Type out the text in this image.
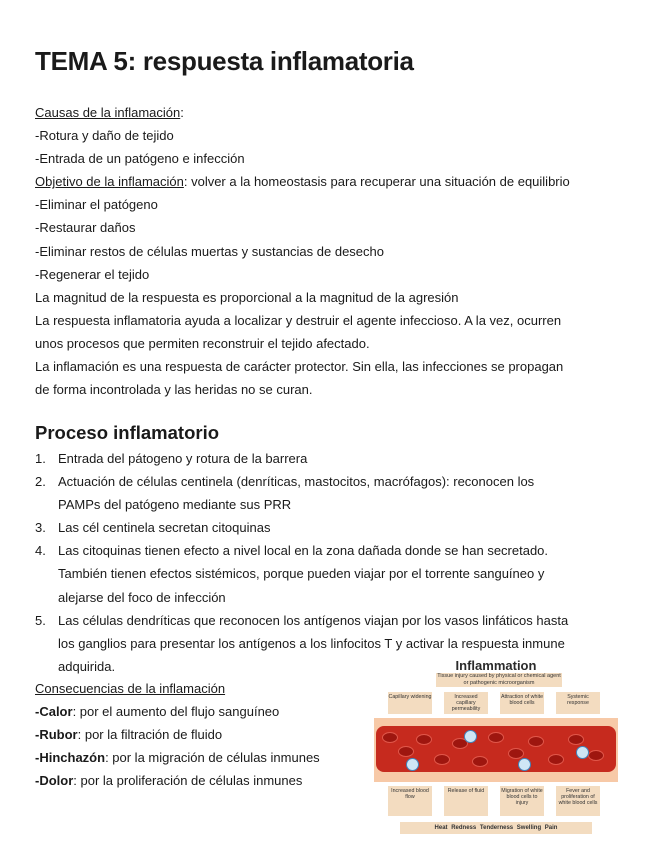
TEMA 5: respuesta inflamatoria
Causas de la inflamación:
-Rotura y daño de tejido
-Entrada de un patógeno e infección
Objetivo de la inflamación: volver a la homeostasis para recuperar una situación de equilibrio
-Eliminar el patógeno
-Restaurar daños
-Eliminar restos de células muertas y sustancias de desecho
-Regenerar el tejido
La magnitud de la respuesta es proporcional a la magnitud de la agresión
La respuesta inflamatoria ayuda a localizar y destruir el agente infeccioso. A la vez, ocurren
unos procesos que permiten reconstruir el tejido afectado.
La inflamación es una respuesta de carácter protector. Sin ella, las infecciones se propagan
de forma incontrolada y las heridas no se curan.
Proceso inflamatorio
1. Entrada del pátogeno y rotura de la barrera
2. Actuación de células centinela (denríticas, mastocitos, macrófagos): reconocen los
PAMPs del patógeno mediante sus PRR
3. Las cél centinela secretan citoquinas
4. Las citoquinas tienen efecto a nivel local en la zona dañada donde se han secretado.
También tienen efectos sistémicos, porque pueden viajar por el torrente sanguíneo y
alejarse del foco de infección
5. Las células dendríticas que reconocen los antígenos viajan por los vasos linfáticos hasta
los ganglios para presentar los antígenos a los linfocitos T y activar la respuesta inmune
adquirida.
Consecuencias de la inflamación
-Calor: por el aumento del flujo sanguíneo
-Rubor: por la filtración de fluido
-Hinchazón: por la migración de células inmunes
-Dolor: por la proliferación de células inmunes
Inflammation
Tissue injury caused by physical or chemical agent or pathogenic microorganism
Capillary widening	Increased capillary permeability
Attraction of white blood cells
Systemic response
Increased blood flow
Release of fluid	Migration of white blood cells to injury
Fever and proliferation of white blood cells
Heat Redness Tenderness Swelling Pain
